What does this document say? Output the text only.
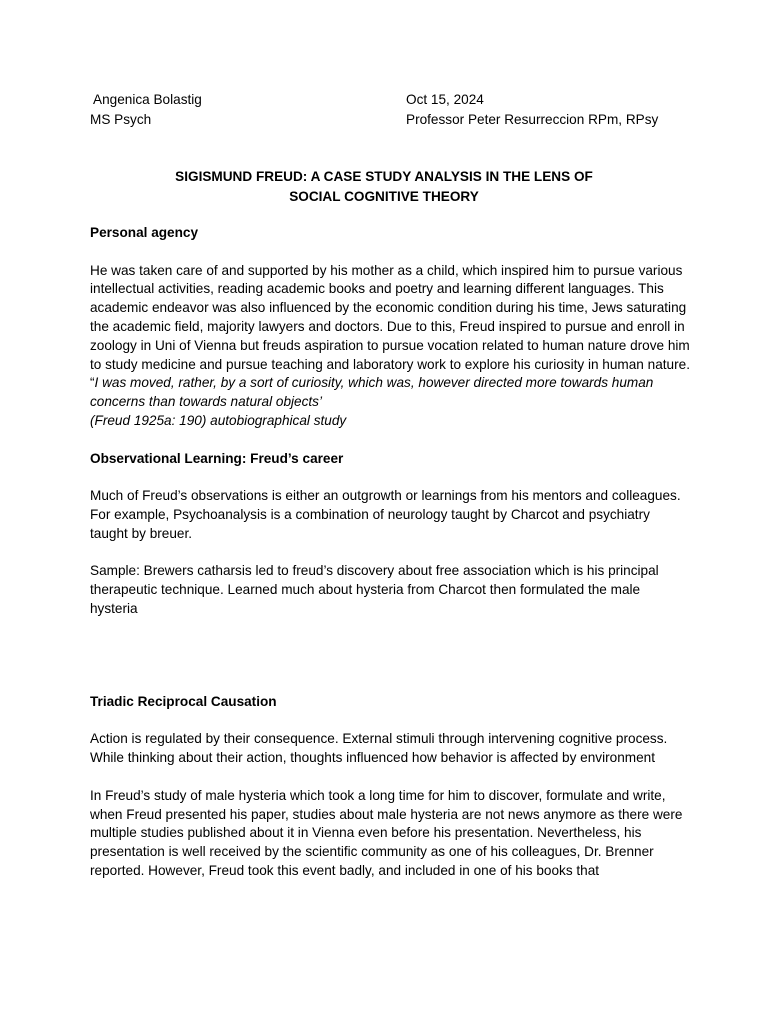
Angenica Bolastig	Oct 15, 2024
MS Psych	Professor Peter Resurreccion RPm, RPsy
SIGISMUND FREUD: A CASE STUDY ANALYSIS IN THE LENS OF
SOCIAL COGNITIVE THEORY

Personal agency

He was taken care of and supported by his mother as a child, which inspired him to pursue various intellectual activities, reading academic books and poetry and learning different languages. This academic endeavor was also influenced by the economic condition during his time, Jews saturating the academic field, majority lawyers and doctors. Due to this, Freud inspired to pursue and enroll in zoology in Uni of Vienna but freuds aspiration to pursue vocation related to human nature drove him to study medicine and pursue teaching and laboratory work to explore his curiosity in human nature.

“I was moved, rather, by a sort of curiosity, which was, however directed more towards human concerns than towards natural objects’

(Freud 1925a: 190) autobiographical study

Observational Learning: Freud’s career

Much of Freud’s observations is either an outgrowth or learnings from his mentors and colleagues. For example, Psychoanalysis is a combination of neurology taught by Charcot and psychiatry taught by breuer.

Sample: Brewers catharsis led to freud’s discovery about free association which is his principal therapeutic technique. Learned much about hysteria from Charcot then formulated the male hysteria

Triadic Reciprocal Causation

Action is regulated by their consequence. External stimuli through intervening cognitive process. While thinking about their action, thoughts influenced how behavior is affected by environment

In Freud’s study of male hysteria which took a long time for him to discover, formulate and write, when Freud presented his paper, studies about male hysteria are not news anymore as there were multiple studies published about it in Vienna even before his presentation. Nevertheless, his presentation is well received by the scientific community as one of his colleagues, Dr. Brenner reported. However, Freud took this event badly, and included in one of his books that
